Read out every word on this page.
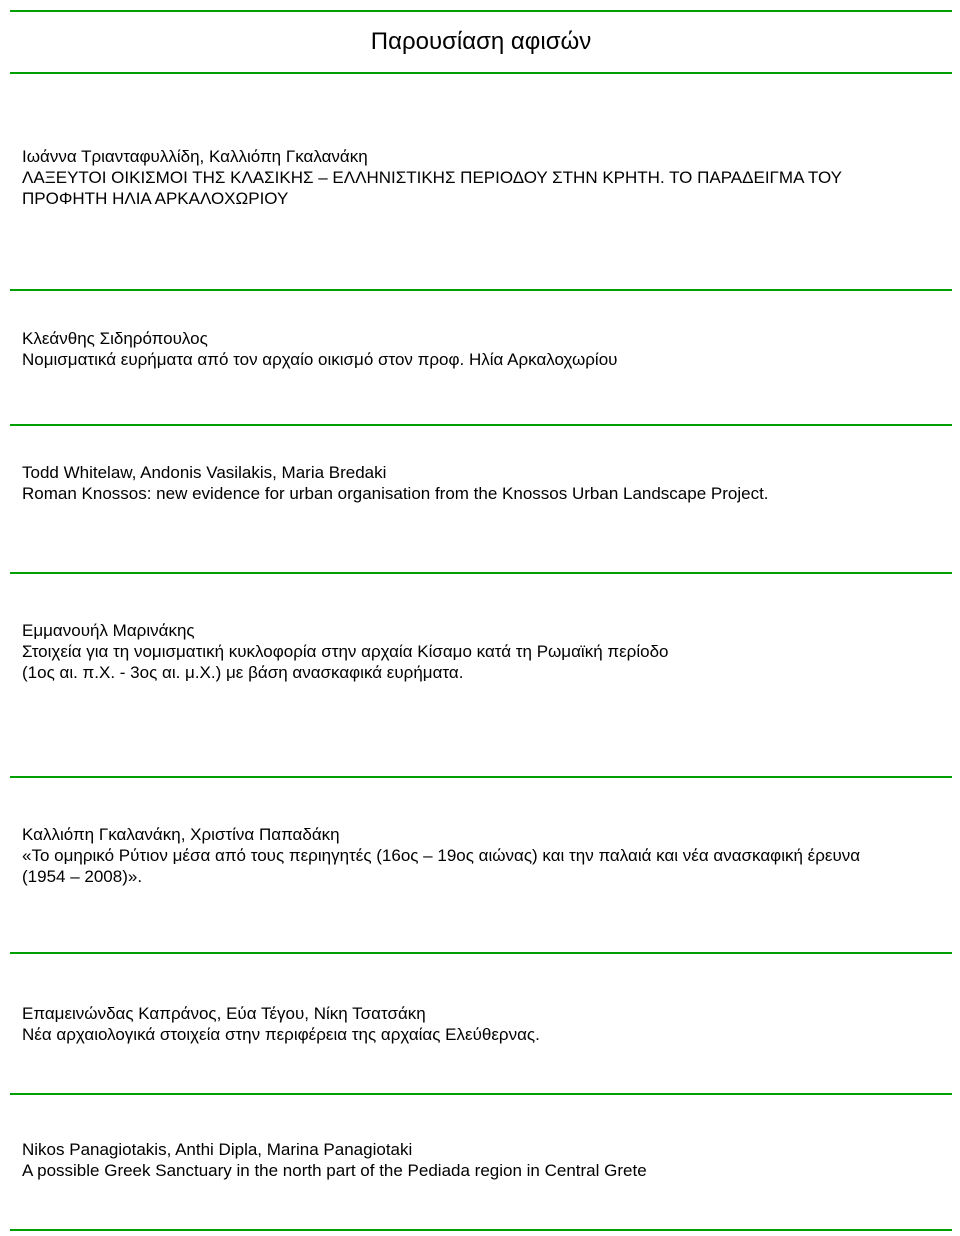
Παρουσίαση αφισών
Ιωάννα Τριανταφυλλίδη, Καλλιόπη Γκαλανάκη
ΛΑΞΕΥΤΟΙ ΟΙΚΙΣΜΟΙ ΤΗΣ ΚΛΑΣΙΚΗΣ – ΕΛΛΗΝΙΣΤΙΚΗΣ ΠΕΡΙΟΔΟΥ ΣΤΗΝ ΚΡΗΤΗ. ΤΟ ΠΑΡΑΔΕΙΓΜΑ ΤΟΥ
ΠΡΟΦΗΤΗ ΗΛΙΑ ΑΡΚΑΛΟΧΩΡΙΟΥ
Κλεάνθης Σιδηρόπουλος
Νομισματικά ευρήματα από τον αρχαίο οικισμό στον προφ. Ηλία Αρκαλοχωρίου
Todd Whitelaw, Andonis Vasilakis, Maria Bredaki
Roman Knossos: new evidence for urban organisation from the Knossos Urban Landscape Project.
Εμμανουήλ Μαρινάκης
Στοιχεία για τη νομισματική κυκλοφορία στην αρχαία Κίσαμο κατά τη Ρωμαϊκή περίοδο
(1ος αι. π.Χ. - 3ος αι. μ.Χ.) με βάση ανασκαφικά ευρήματα.
Καλλιόπη Γκαλανάκη, Χριστίνα Παπαδάκη
«Το ομηρικό Ρύτιον μέσα από τους περιηγητές (16ος – 19ος αιώνας) και την παλαιά και νέα ανασκαφική έρευνα
(1954 – 2008)».
Επαμεινώνδας Καπράνος, Εύα Τέγου, Νίκη Τσατσάκη
Νέα αρχαιολογικά στοιχεία στην περιφέρεια της αρχαίας Ελεύθερνας.
Nikos Panagiotakis, Anthi Dipla, Marina Panagiotaki
A possible Greek Sanctuary in the north part of the Pediada region in Central Grete
